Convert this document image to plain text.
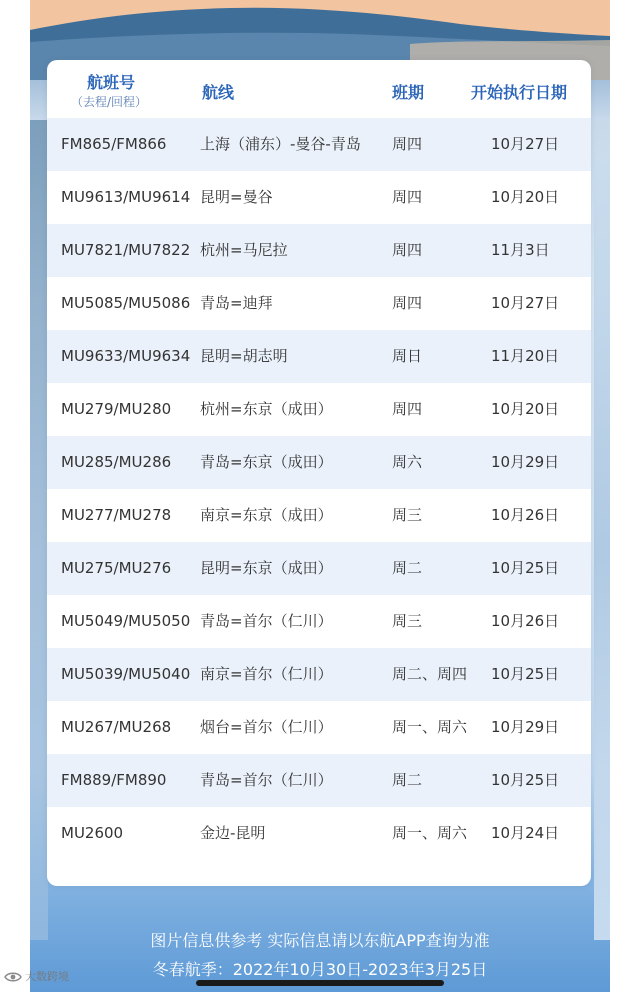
航班号
（去程/回程）	航线	班期	开始执行日期
FM865/FM866 上海（浦东）-曼谷-青岛 周四	10月27日
MU9613/MU9614 昆明=曼谷	周四	10月20日
MU7821/MU7822 杭州=马尼拉	周四	11月3日
MU5085/MU5086 青岛=迪拜	周四	10月27日
MU9633/MU9634 昆明=胡志明	周日	11月20日
MU279/MU280 杭州=东京（成田）	周四	10月20日
MU285/MU286 青岛=东京（成田）	周六	10月29日
MU277/MU278 南京=东京（成田）	周三	10月26日
MU275/MU276 昆明=东京（成田）	周二	10月25日
MU5049/MU5050 青岛=首尔（仁川）	周三	10月26日
MU5039/MU5040 南京=首尔（仁川）	周二、周四 10月25日
MU267/MU268 烟台=首尔（仁川）	周一、周六 10月29日
FM889/FM890 青岛=首尔（仁川）	周二	10月25日
MU2600	金边-昆明	周一、周六 10月24日
图片信息供参考 实际信息请以东航APP查询为准
冬春航季：2022年10月30日-2023年3月25日
大数跨境
